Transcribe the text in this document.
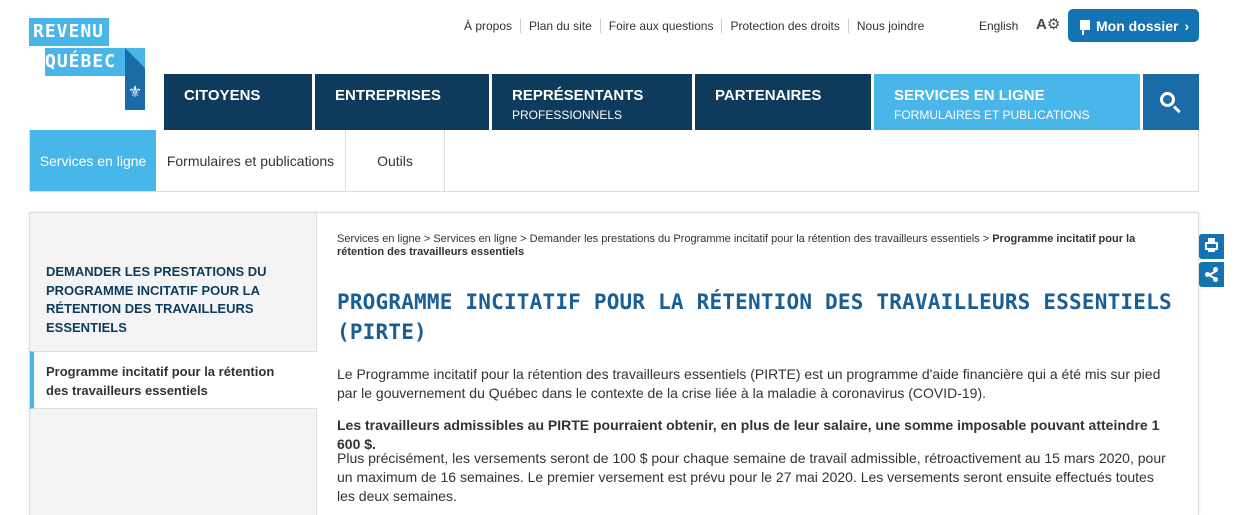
REVENU
QUÉBEC
⚜
À propos	Plan du site	Foire aux questions	Protection des droits	Nous joindre	English A⚙	Mon dossier ›
CITOYENS	ENTREPRISES	REPRÉSENTANTS
PROFESSIONNELS
PARTENAIRES	SERVICES EN LIGNE
FORMULAIRES ET PUBLICATIONS
Services en ligne	Formulaires et publications	Outils
DEMANDER LES PRESTATIONS DU PROGRAMME INCITATIF POUR LA RÉTENTION DES TRAVAILLEURS ESSENTIELS
Programme incitatif pour la rétention des travailleurs essentiels
Services en ligne > Services en ligne > Demander les prestations du Programme incitatif pour la rétention des travailleurs essentiels > Programme incitatif pour la rétention des travailleurs essentiels
PROGRAMME INCITATIF POUR LA RÉTENTION DES TRAVAILLEURS ESSENTIELS (PIRTE)

Le Programme incitatif pour la rétention des travailleurs essentiels (PIRTE) est un programme d'aide financière qui a été mis sur pied par le gouvernement du Québec dans le contexte de la crise liée à la maladie à coronavirus (COVID-19).

Les travailleurs admissibles au PIRTE pourraient obtenir, en plus de leur salaire, une somme imposable pouvant atteindre 1 600 $.

Plus précisément, les versements seront de 100 $ pour chaque semaine de travail admissible, rétroactivement au 15 mars 2020, pour un maximum de 16 semaines. Le premier versement est prévu pour le 27 mai 2020. Les versements seront ensuite effectués toutes les deux semaines.
